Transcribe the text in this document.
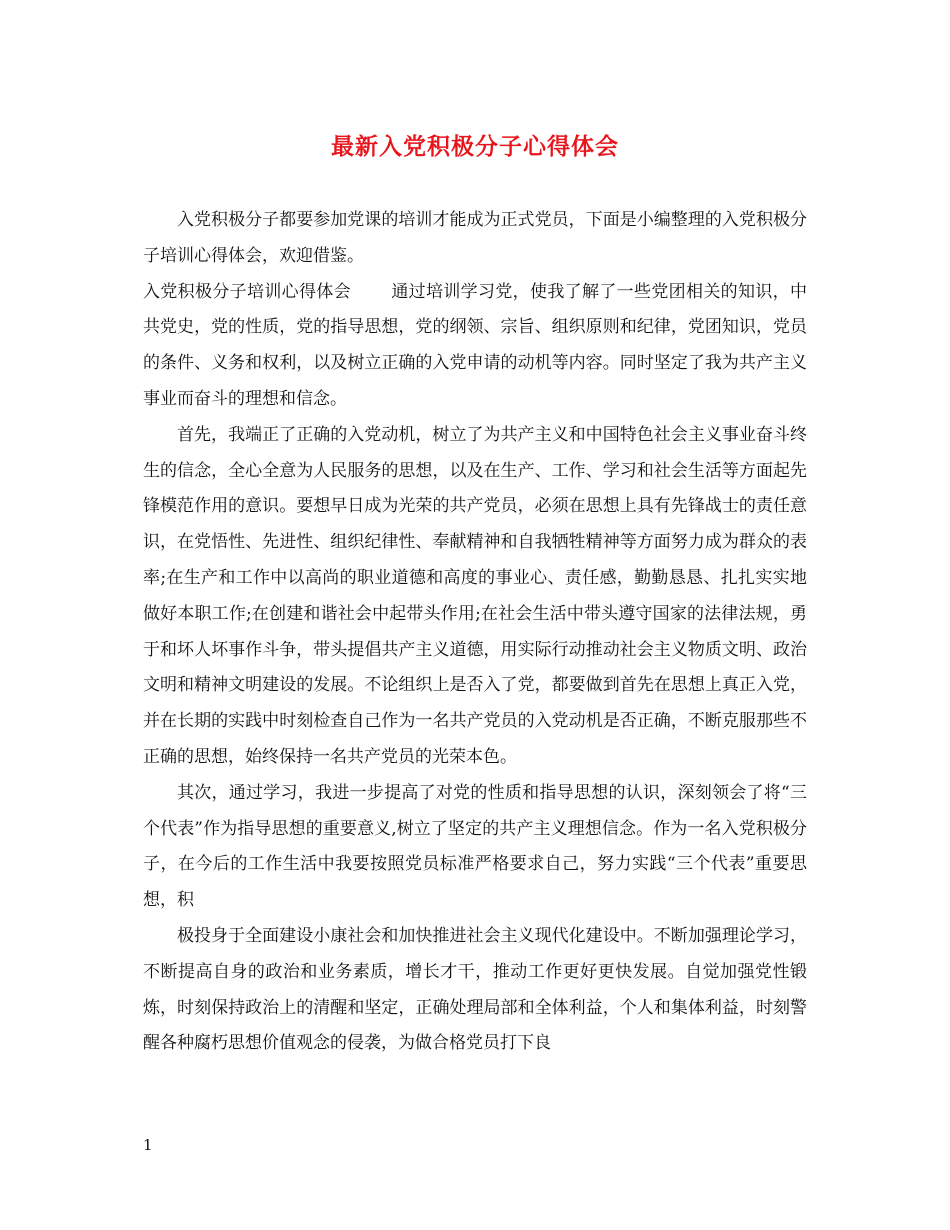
最新入党积极分子心得体会

入党积极分子都要参加党课的培训才能成为正式党员，下面是小编整理的入党积极分子培训心得体会，欢迎借鉴。

入党积极分子培训心得体会 通过培训学习党，使我了解了一些党团相关的知识，中共党史，党的性质，党的指导思想，党的纲领、宗旨、组织原则和纪律，党团知识，党员的条件、义务和权利，以及树立正确的入党申请的动机等内容。同时坚定了我为共产主义事业而奋斗的理想和信念。

首先，我端正了正确的入党动机，树立了为共产主义和中国特色社会主义事业奋斗终生的信念，全心全意为人民服务的思想，以及在生产、工作、学习和社会生活等方面起先锋模范作用的意识。要想早日成为光荣的共产党员，必须在思想上具有先锋战士的责任意识，在党悟性、先进性、组织纪律性、奉献精神和自我牺牲精神等方面努力成为群众的表率;在生产和工作中以高尚的职业道德和高度的事业心、责任感，勤勤恳恳、扎扎实实地做好本职工作;在创建和谐社会中起带头作用;在社会生活中带头遵守国家的法律法规，勇于和坏人坏事作斗争，带头提倡共产主义道德，用实际行动推动社会主义物质文明、政治文明和精神文明建设的发展。不论组织上是否入了党，都要做到首先在思想上真正入党，并在长期的实践中时刻检查自己作为一名共产党员的入党动机是否正确，不断克服那些不正确的思想，始终保持一名共产党员的光荣本色。

其次，通过学习，我进一步提高了对党的性质和指导思想的认识，深刻领会了将“三个代表”作为指导思想的重要意义,树立了坚定的共产主义理想信念。作为一名入党积极分子，在今后的工作生活中我要按照党员标准严格要求自己，努力实践“三个代表”重要思想，积

极投身于全面建设小康社会和加快推进社会主义现代化建设中。不断加强理论学习，不断提高自身的政治和业务素质，增长才干，推动工作更好更快发展。自觉加强党性锻炼，时刻保持政治上的清醒和坚定，正确处理局部和全体利益，个人和集体利益，时刻警醒各种腐朽思想价值观念的侵袭，为做合格党员打下良

1
